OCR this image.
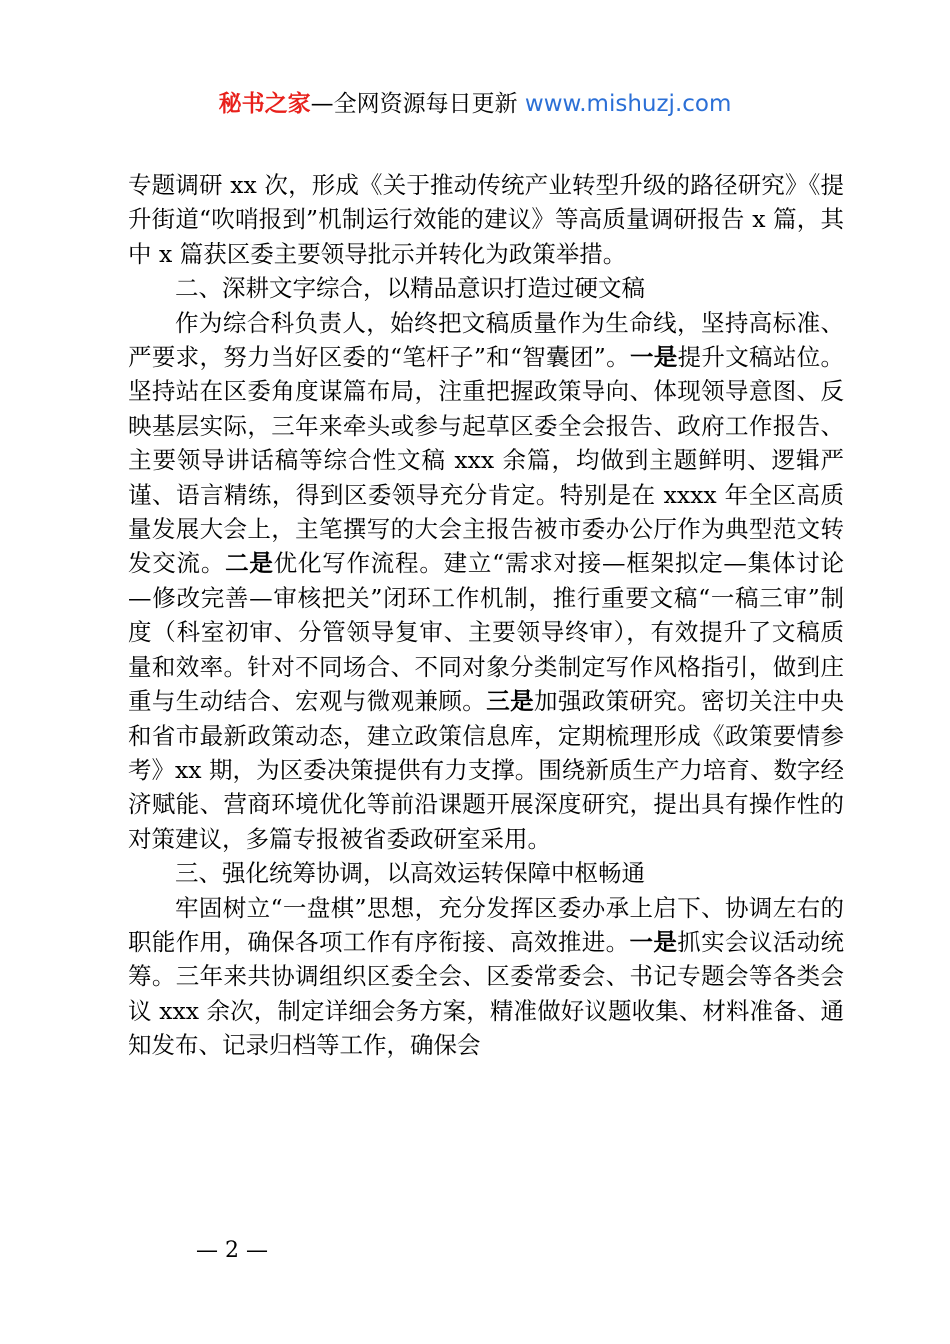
秘书之家—全网资源每日更新 www.mishuzj.com

专题调研 xx 次，形成《关于推动传统产业转型升级的路径研究》《提升街道“吹哨报到”机制运行效能的建议》等高质量调研报告 x 篇，其中 x 篇获区委主要领导批示并转化为政策举措。

二、深耕文字综合，以精品意识打造过硬文稿

作为综合科负责人，始终把文稿质量作为生命线，坚持高标准、严要求，努力当好区委的“笔杆子”和“智囊团”。一是提升文稿站位。坚持站在区委角度谋篇布局，注重把握政策导向、体现领导意图、反映基层实际，三年来牵头或参与起草区委全会报告、政府工作报告、主要领导讲话稿等综合性文稿 xxx 余篇，均做到主题鲜明、逻辑严谨、语言精练，得到区委领导充分肯定。特别是在 xxxx 年全区高质量发展大会上，主笔撰写的大会主报告被市委办公厅作为典型范文转发交流。二是优化写作流程。建立“需求对接—框架拟定—集体讨论—修改完善—审核把关”闭环工作机制，推行重要文稿“一稿三审”制度（科室初审、分管领导复审、主要领导终审），有效提升了文稿质量和效率。针对不同场合、不同对象分类制定写作风格指引，做到庄重与生动结合、宏观与微观兼顾。三是加强政策研究。密切关注中央和省市最新政策动态，建立政策信息库，定期梳理形成《政策要情参考》xx 期，为区委决策提供有力支撑。围绕新质生产力培育、数字经济赋能、营商环境优化等前沿课题开展深度研究，提出具有操作性的对策建议，多篇专报被省委政研室采用。

三、强化统筹协调，以高效运转保障中枢畅通

牢固树立“一盘棋”思想，充分发挥区委办承上启下、协调左右的职能作用，确保各项工作有序衔接、高效推进。一是抓实会议活动统筹。三年来共协调组织区委全会、区委常委会、书记专题会等各类会议 xxx 余次，制定详细会务方案，精准做好议题收集、材料准备、通知发布、记录归档等工作，确保会

— 2 —
